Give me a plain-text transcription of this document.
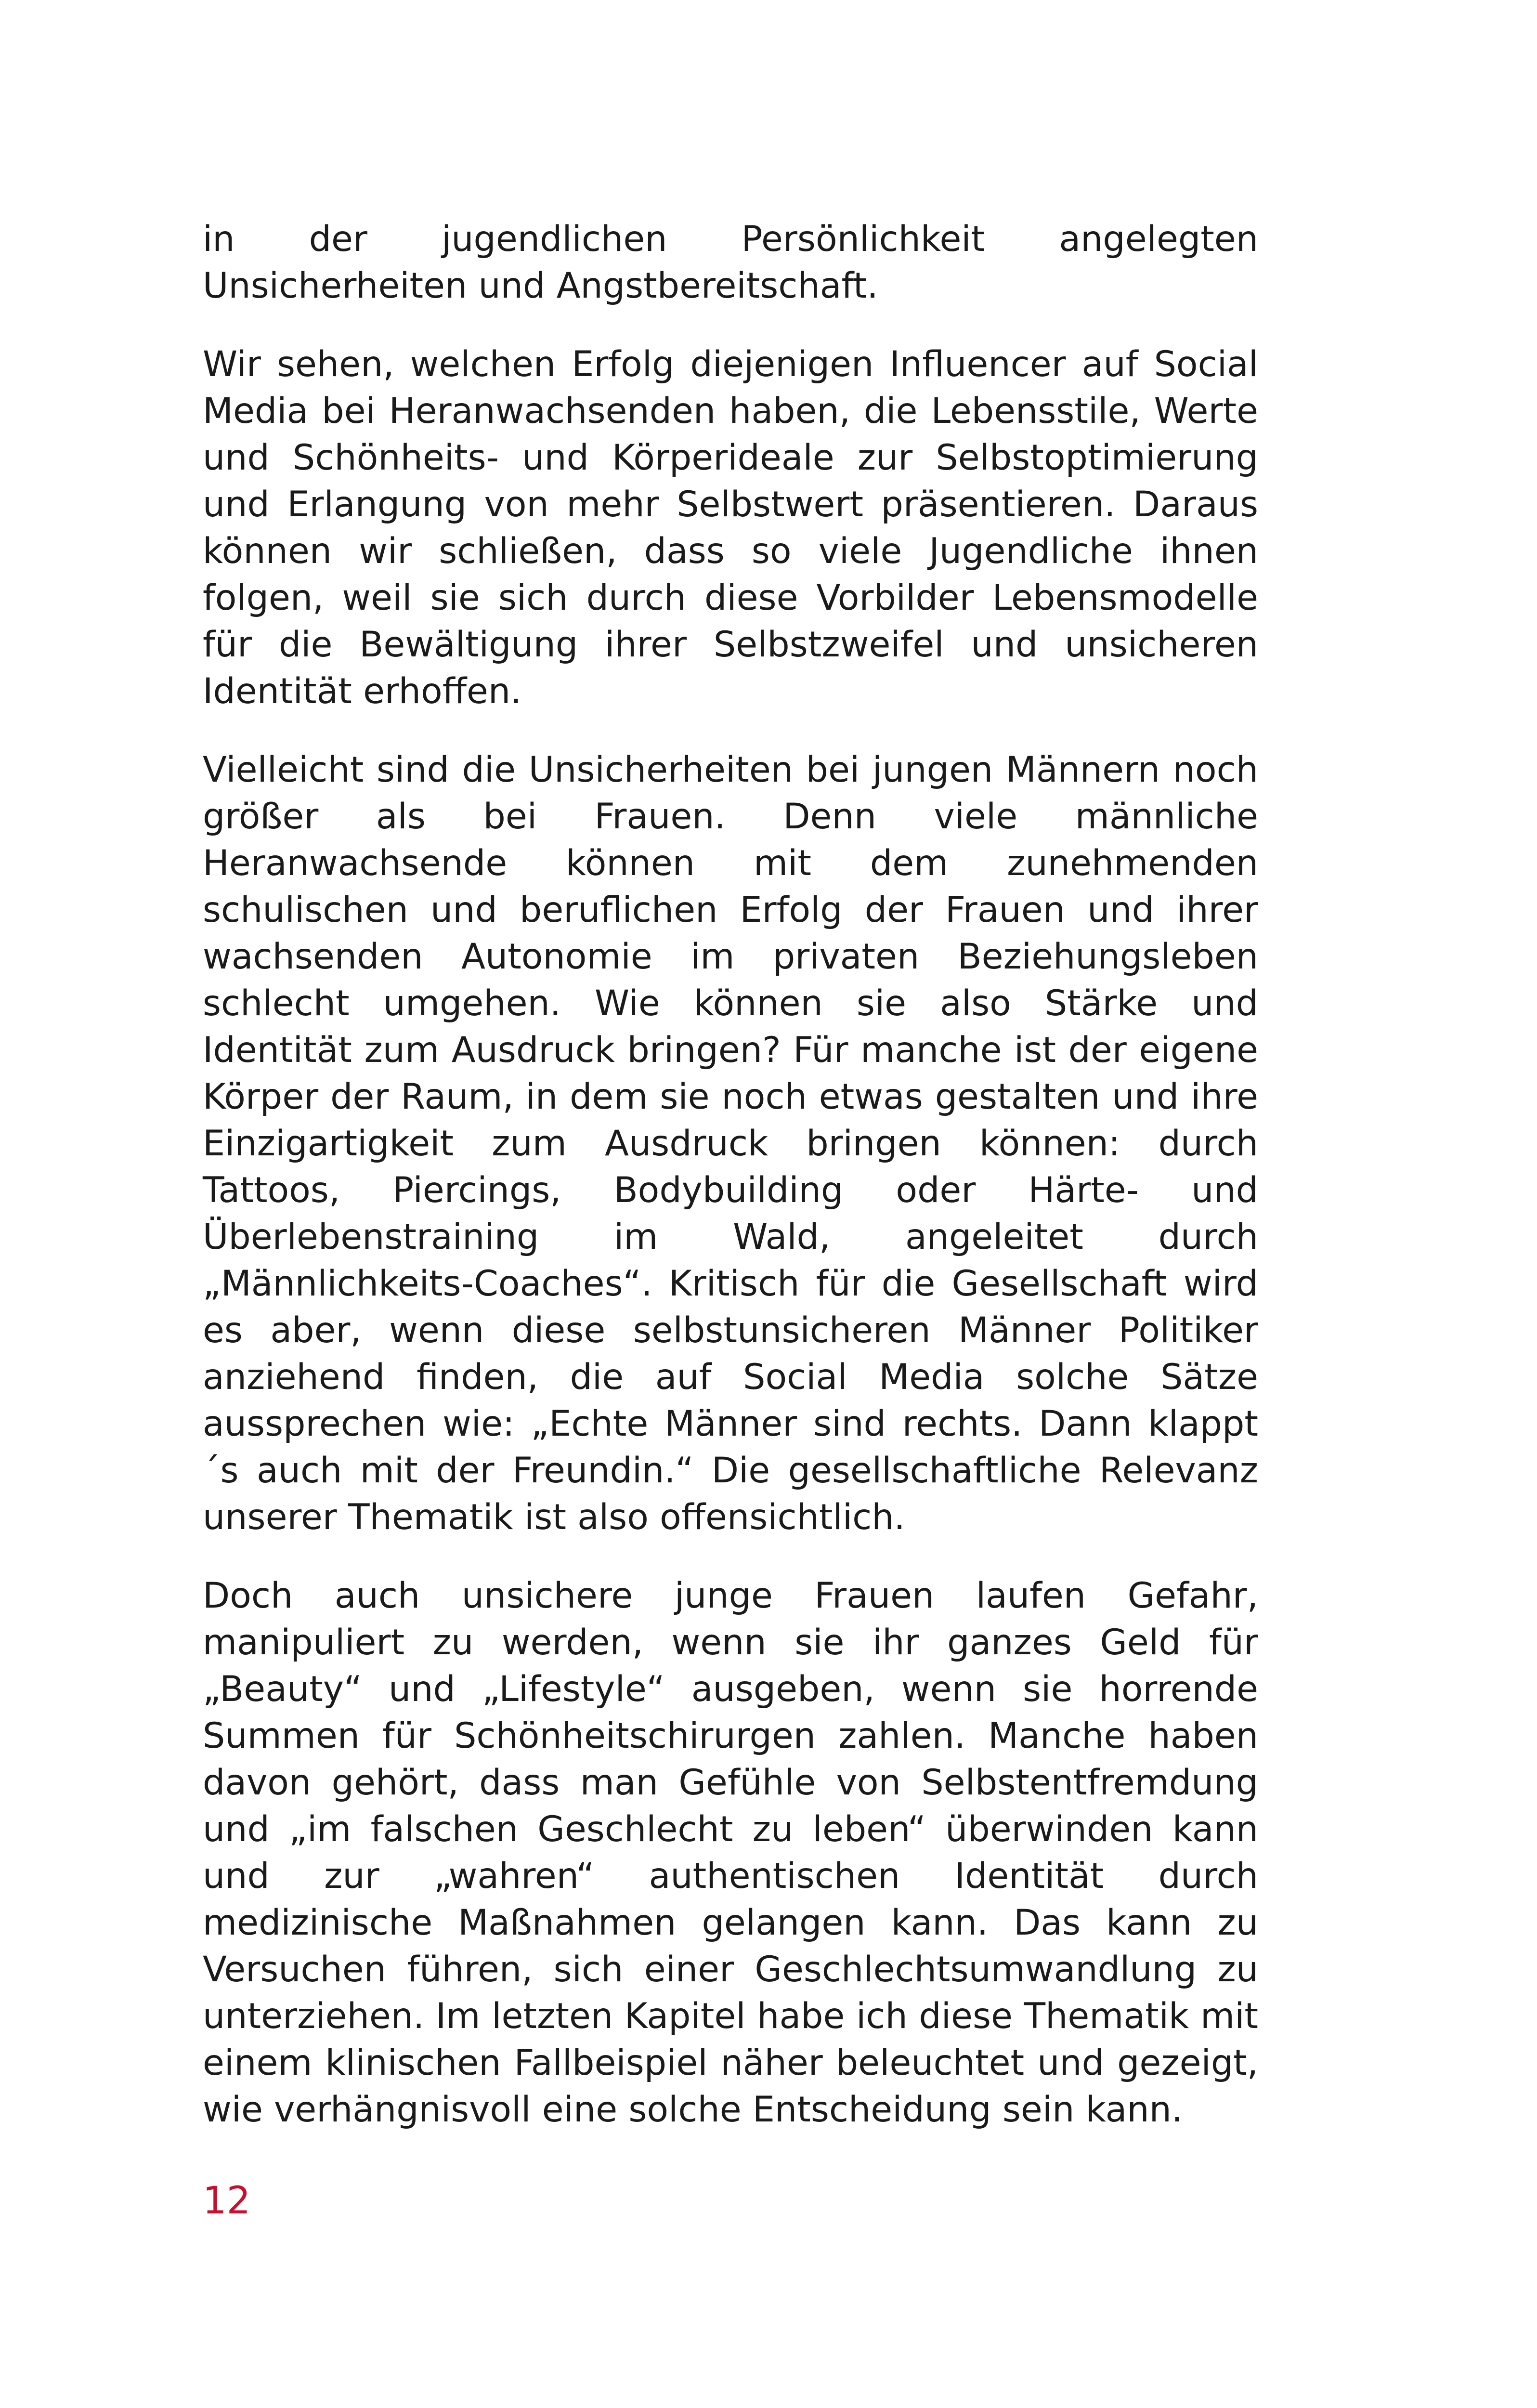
in der jugendlichen Persönlichkeit angelegten Unsicherheiten und Angstbereitschaft.

Wir sehen, welchen Erfolg diejenigen Influencer auf Social Media bei Heranwachsenden haben, die Lebensstile, Werte und Schönheits- und Körperideale zur Selbstoptimierung und Erlangung von mehr Selbstwert präsentieren. Daraus können wir schließen, dass so viele Jugendliche ihnen folgen, weil sie sich durch diese Vorbilder Lebensmodelle für die Bewältigung ihrer Selbstzweifel und unsicheren Identität erhoffen.

Vielleicht sind die Unsicherheiten bei jungen Männern noch größer als bei Frauen. Denn viele männliche Heranwachsende können mit dem zunehmenden schulischen und beruflichen Erfolg der Frauen und ihrer wachsenden Autonomie im privaten Beziehungsleben schlecht umgehen. Wie können sie also Stärke und Identität zum Ausdruck bringen? Für manche ist der eigene Körper der Raum, in dem sie noch etwas gestalten und ihre Einzigartigkeit zum Ausdruck bringen können: durch Tattoos, Piercings, Bodybuilding oder Härte- und Überlebenstraining im Wald, angeleitet durch „Männlichkeits-Coaches“. Kritisch für die Gesellschaft wird es aber, wenn diese selbstunsicheren Männer Politiker anziehend finden, die auf Social Media solche Sätze aussprechen wie: „Echte Männer sind rechts. Dann klappt´s auch mit der Freundin.“ Die gesellschaftliche Relevanz unserer Thematik ist also offensichtlich.

Doch auch unsichere junge Frauen laufen Gefahr, manipuliert zu werden, wenn sie ihr ganzes Geld für „Beauty“ und „Lifestyle“ ausgeben, wenn sie horrende Summen für Schönheitschirurgen zahlen. Manche haben davon gehört, dass man Gefühle von Selbstentfremdung und „im falschen Geschlecht zu leben“ überwinden kann und zur „wahren“ authentischen Identität durch medizinische Maßnahmen gelangen kann. Das kann zu Versuchen führen, sich einer Geschlechtsumwandlung zu unterziehen. Im letzten Kapitel habe ich diese Thematik mit einem klinischen Fallbeispiel näher beleuchtet und gezeigt, wie verhängnisvoll eine solche Entscheidung sein kann.

12
